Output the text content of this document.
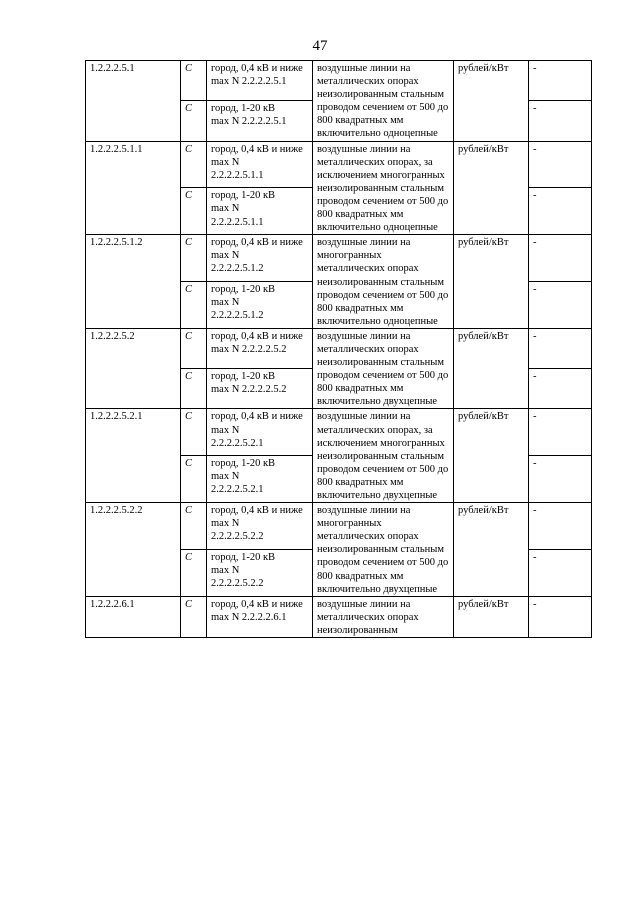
47
1.2.2.2.5.1	С	город, 0,4 кВ и ниже
max N 2.2.2.2.5.1	воздушные линии на металлических опорах неизолированным стальным проводом сечением от 500 до 800 квадратных мм включительно одноцепные	рублей/кВт	-
	С	город, 1-20 кВ
max N 2.2.2.2.5.1			-
1.2.2.2.5.1.1	С	город, 0,4 кВ и ниже
max N
2.2.2.2.5.1.1	воздушные линии на металлических опорах, за исключением многогранных неизолированным стальным проводом сечением от 500 до 800 квадратных мм включительно одноцепные	рублей/кВт	-
	С	город, 1-20 кВ
max N
2.2.2.2.5.1.1			-
1.2.2.2.5.1.2	С	город, 0,4 кВ и ниже
max N
2.2.2.2.5.1.2	воздушные линии на многогранных металлических опорах неизолированным стальным проводом сечением от 500 до 800 квадратных мм включительно одноцепные	рублей/кВт	-
	С	город, 1-20 кВ
max N
2.2.2.2.5.1.2			-
1.2.2.2.5.2	С	город, 0,4 кВ и ниже
max N 2.2.2.2.5.2	воздушные линии на металлических опорах неизолированным стальным проводом сечением от 500 до 800 квадратных мм включительно двухцепные	рублей/кВт	-
	С	город, 1-20 кВ
max N 2.2.2.2.5.2			-
1.2.2.2.5.2.1	С	город, 0,4 кВ и ниже
max N
2.2.2.2.5.2.1	воздушные линии на металлических опорах, за исключением многогранных неизолированным стальным проводом сечением от 500 до 800 квадратных мм включительно двухцепные	рублей/кВт	-
	С	город, 1-20 кВ
max N
2.2.2.2.5.2.1			-
1.2.2.2.5.2.2	С	город, 0,4 кВ и ниже
max N
2.2.2.2.5.2.2	воздушные линии на многогранных металлических опорах неизолированным стальным проводом сечением от 500 до 800 квадратных мм включительно двухцепные	рублей/кВт	-
	С	город, 1-20 кВ
max N
2.2.2.2.5.2.2			-
1.2.2.2.6.1	С	город, 0,4 кВ и ниже
max N 2.2.2.2.6.1	воздушные линии на металлических опорах неизолированным	рублей/кВт	-
